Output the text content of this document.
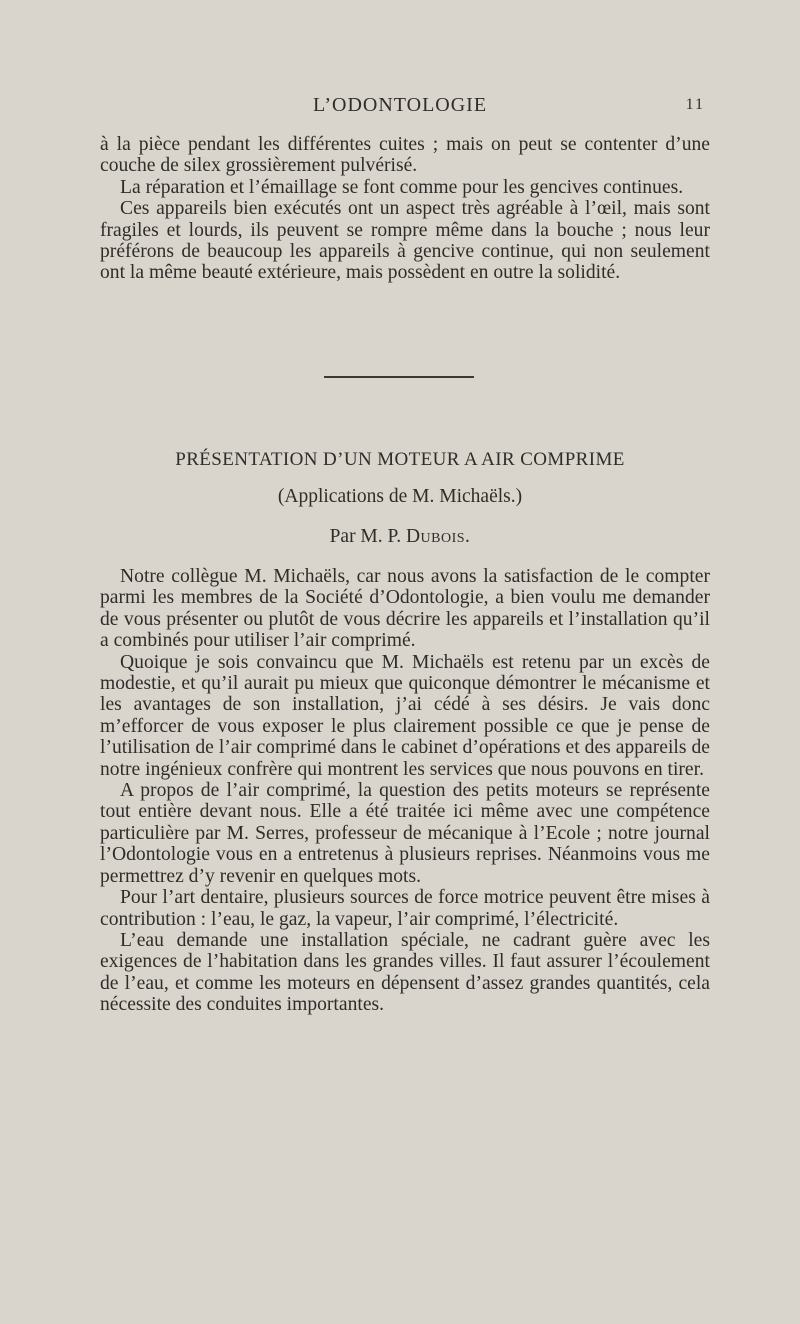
L’ODONTOLOGIE	11

à la pièce pendant les différentes cuites ; mais on peut se contenter d’une couche de silex grossièrement pulvérisé.

La réparation et l’émaillage se font comme pour les gencives continues.

Ces appareils bien exécutés ont un aspect très agréable à l’œil, mais sont fragiles et lourds, ils peuvent se rompre même dans la bouche ; nous leur préférons de beaucoup les appareils à gencive continue, qui non seulement ont la même beauté extérieure, mais possèdent en outre la solidité.

PRÉSENTATION D’UN MOTEUR A AIR COMPRIME
(Applications de M. Michaëls.)
Par M. P. Dubois.

Notre collègue M. Michaëls, car nous avons la satisfaction de le compter parmi les membres de la Société d’Odontologie, a bien voulu me demander de vous présenter ou plutôt de vous décrire les appareils et l’installation qu’il a combinés pour utiliser l’air comprimé.

Quoique je sois convaincu que M. Michaëls est retenu par un excès de modestie, et qu’il aurait pu mieux que quiconque démontrer le mécanisme et les avantages de son installation, j’ai cédé à ses désirs. Je vais donc m’efforcer de vous exposer le plus clairement possible ce que je pense de l’utilisation de l’air comprimé dans le cabinet d’opérations et des appareils de notre ingénieux confrère qui montrent les services que nous pouvons en tirer.

A propos de l’air comprimé, la question des petits moteurs se représente tout entière devant nous. Elle a été traitée ici même avec une compétence particulière par M. Serres, professeur de mécanique à l’Ecole ; notre journal l’Odontologie vous en a entretenus à plusieurs reprises. Néanmoins vous me permettrez d’y revenir en quelques mots.

Pour l’art dentaire, plusieurs sources de force motrice peuvent être mises à contribution : l’eau, le gaz, la vapeur, l’air comprimé, l’électricité.

L’eau demande une installation spéciale, ne cadrant guère avec les exigences de l’habitation dans les grandes villes. Il faut assurer l’écoulement de l’eau, et comme les moteurs en dépensent d’assez grandes quantités, cela nécessite des conduites importantes.
